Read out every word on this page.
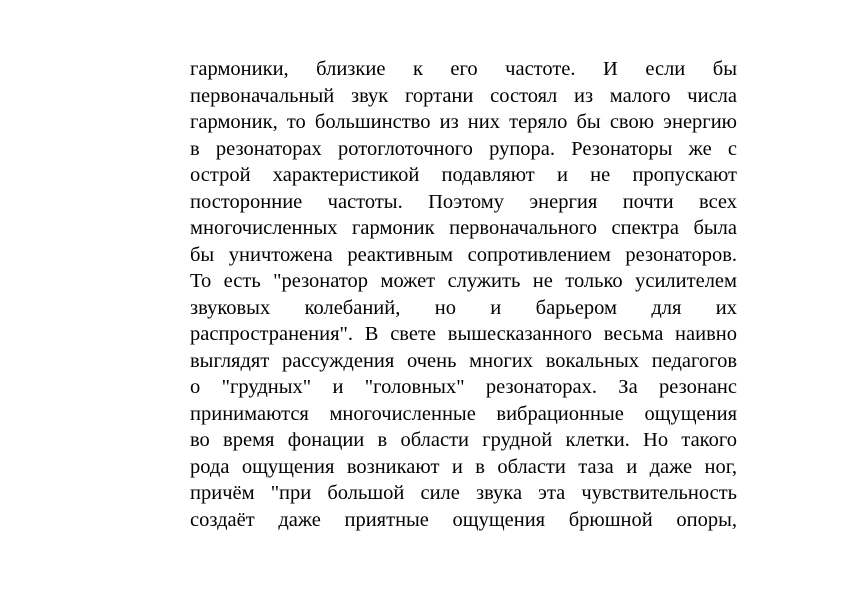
гармоники, близкие к его частоте. И если бы
первоначальный звук гортани состоял из малого числа
гармоник, то большинство из них теряло бы свою энергию
в резонаторах ротоглоточного рупора. Резонаторы же с
острой характеристикой подавляют и не пропускают
посторонние частоты. Поэтому энергия почти всех
многочисленных гармоник первоначального спектра была
бы уничтожена реактивным сопротивлением резонаторов.
То есть "резонатор может служить не только усилителем
звуковых колебаний, но и барьером для их
распространения". В свете вышесказанного весьма наивно
выглядят рассуждения очень многих вокальных педагогов
о "грудных" и "головных" резонаторах. За резонанс
принимаются многочисленные вибрационные ощущения
во время фонации в области грудной клетки. Но такого
рода ощущения возникают и в области таза и даже ног,
причём "при большой силе звука эта чувствительность
создаёт даже приятные ощущения брюшной опоры,
